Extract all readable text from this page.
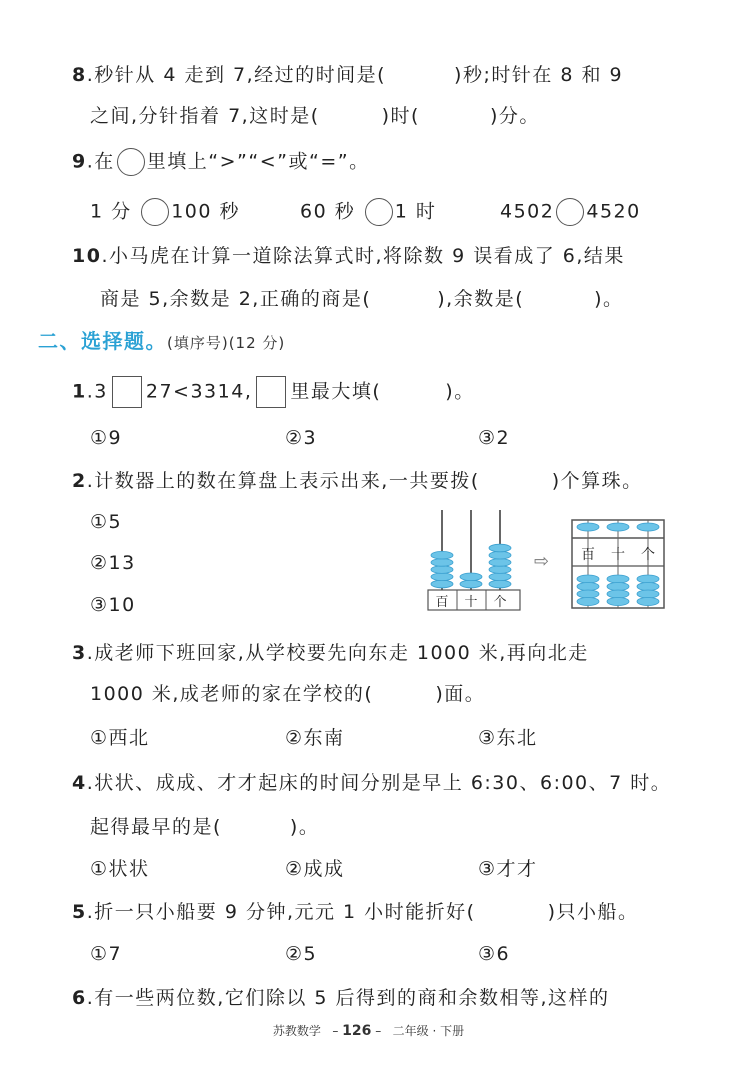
8.秒针从 4 走到 7,经过的时间是(	)秒;时针在 8 和 9
之间,分针指着 7,这时是(	)时(	)分。
9.在 里填上“>”“<”或“=”。
1 分 100 秒	60 秒 1 时	4502 4520
10.小马虎在计算一道除法算式时,将除数 9 误看成了 6,结果
商是 5,余数是 2,正确的商是(	),余数是(	)。
二、选择题。(填序号)(12 分)
1.3 27<3314, 里最大填(	)。
①9	②3	③2
2.计数器上的数在算盘上表示出来,一共要拨(	)个算珠。
①5
②13
③10	百 十 个
⇨ 百 十 个
3.成老师下班回家,从学校要先向东走 1000 米,再向北走
1000 米,成老师的家在学校的(	)面。
①西北	②东南	③东北
4.状状、成成、才才起床的时间分别是早上 6:30、6:00、7 时。
起得最早的是(	)。
①状状	②成成	③才才
5.折一只小船要 9 分钟,元元 1 小时能折好(	)只小船。
①7	②5	③6
6.有一些两位数,它们除以 5 后得到的商和余数相等,这样的
苏教数学   – 126 –   二年级 · 下册
